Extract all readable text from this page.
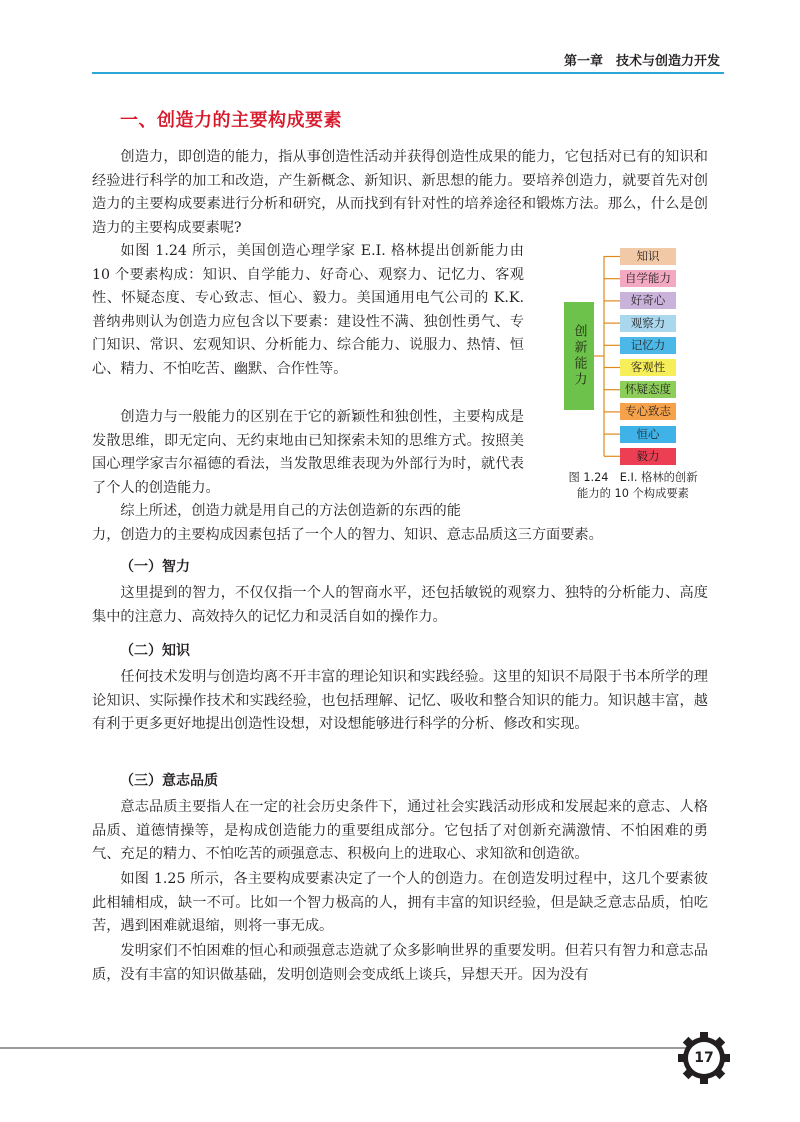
第一章　技术与创造力开发

一、创造力的主要构成要素

创造力，即创造的能力，指从事创造性活动并获得创造性成果的能力，它包括对已有的知识和经验进行科学的加工和改造，产生新概念、新知识、新思想的能力。要培养创造力，就要首先对创造力的主要构成要素进行分析和研究，从而找到有针对性的培养途径和锻炼方法。那么，什么是创造力的主要构成要素呢?

如图 1.24 所示，美国创造心理学家 E.I. 格林提出创新能力由 10 个要素构成：知识、自学能力、好奇心、观察力、记忆力、客观性、怀疑态度、专心致志、恒心、毅力。美国通用电气公司的 K.K. 普纳弗则认为创造力应包含以下要素：建设性不满、独创性勇气、专门知识、常识、宏观知识、分析能力、综合能力、说服力、热情、恒心、精力、不怕吃苦、幽默、合作性等。

创造力与一般能力的区别在于它的新颖性和独创性，主要构成是发散思维，即无定向、无约束地由已知探索未知的思维方式。按照美国心理学家吉尔福德的看法，当发散思维表现为外部行为时，就代表了个人的创造能力。

综上所述，创造力就是用自己的方法创造新的东西的能

力，创造力的主要构成因素包括了一个人的智力、知识、意志品质这三方面要素。

（一）智力

这里提到的智力，不仅仅指一个人的智商水平，还包括敏锐的观察力、独特的分析能力、高度集中的注意力、高效持久的记忆力和灵活自如的操作力。

（二）知识

任何技术发明与创造均离不开丰富的理论知识和实践经验。这里的知识不局限于书本所学的理论知识、实际操作技术和实践经验，也包括理解、记忆、吸收和整合知识的能力。知识越丰富，越有利于更多更好地提出创造性设想，对设想能够进行科学的分析、修改和实现。

（三）意志品质

意志品质主要指人在一定的社会历史条件下，通过社会实践活动形成和发展起来的意志、人格品质、道德情操等，是构成创造能力的重要组成部分。它包括了对创新充满激情、不怕困难的勇气、充足的精力、不怕吃苦的顽强意志、积极向上的进取心、求知欲和创造欲。

如图 1.25 所示，各主要构成要素决定了一个人的创造力。在创造发明过程中，这几个要素彼此相辅相成，缺一不可。比如一个智力极高的人，拥有丰富的知识经验，但是缺乏意志品质，怕吃苦，遇到困难就退缩，则将一事无成。

发明家们不怕困难的恒心和顽强意志造就了众多影响世界的重要发明。但若只有智力和意志品质，没有丰富的知识做基础，发明创造则会变成纸上谈兵，异想天开。因为没有

创新能力
知识
自学能力
好奇心
观察力
记忆力
客观性
怀疑态度
专心致志
恒心
毅力

图 1.24　E.I. 格林的创新
能力的 10 个构成要素

17
